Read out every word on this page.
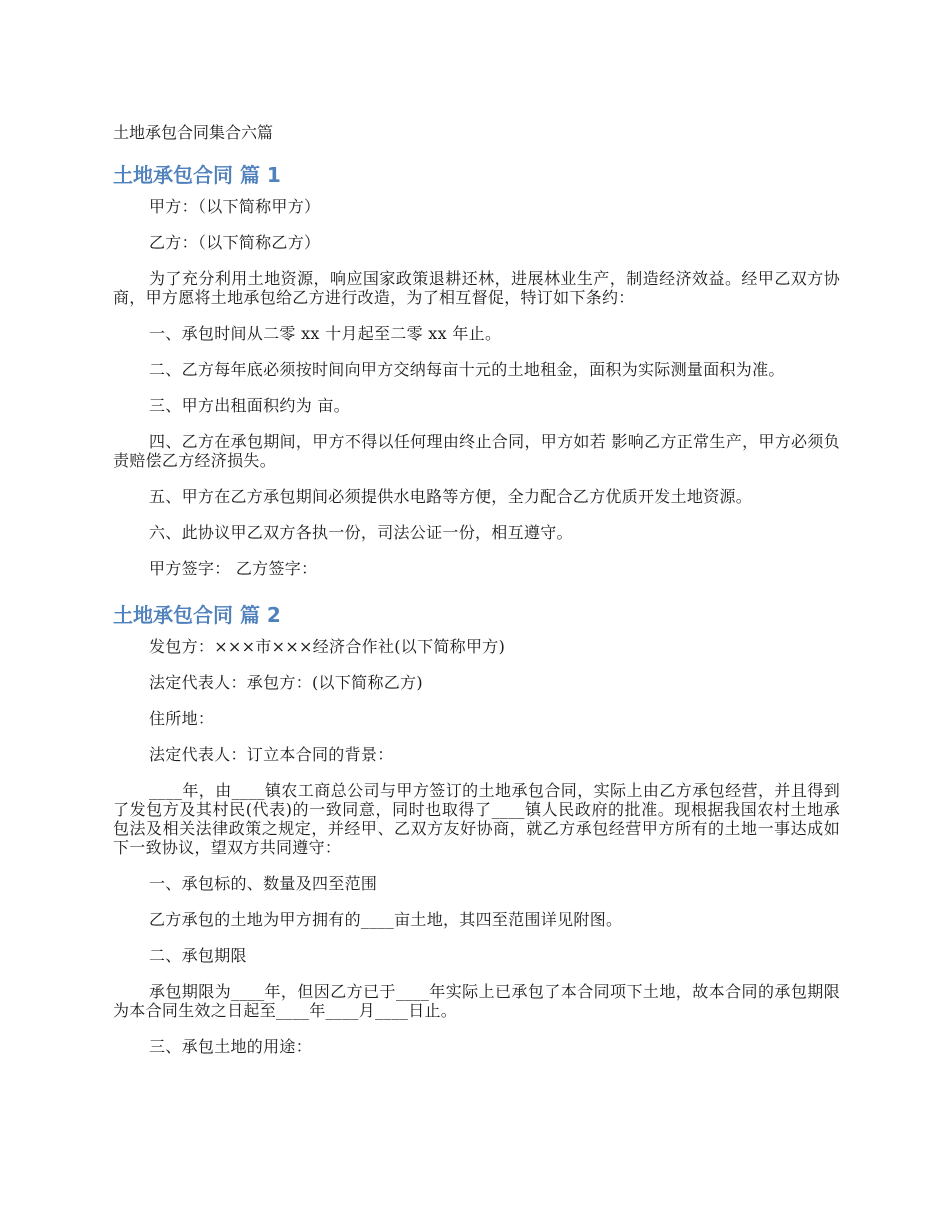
土地承包合同集合六篇
土地承包合同 篇 1
甲方：（以下简称甲方）
乙方：（以下简称乙方）
为了充分利用土地资源，响应国家政策退耕还林，进展林业生产，制造经济效益。经甲乙双方协商，甲方愿将土地承包给乙方进行改造，为了相互督促，特订如下条约：
一、承包时间从二零 xx 十月起至二零 xx 年止。
二、乙方每年底必须按时间向甲方交纳每亩十元的土地租金，面积为实际测量面积为准。
三、甲方出租面积约为 亩。
四、乙方在承包期间，甲方不得以任何理由终止合同，甲方如若 影响乙方正常生产，甲方必须负责赔偿乙方经济损失。
五、甲方在乙方承包期间必须提供水电路等方便，全力配合乙方优质开发土地资源。
六、此协议甲乙双方各执一份，司法公证一份，相互遵守。
甲方签字： 乙方签字：
土地承包合同 篇 2
发包方：×××市×××经济合作社(以下简称甲方)
法定代表人：承包方：(以下简称乙方)
住所地：
法定代表人：订立本合同的背景：
____年，由____镇农工商总公司与甲方签订的土地承包合同，实际上由乙方承包经营，并且得到了发包方及其村民(代表)的一致同意，同时也取得了____镇人民政府的批准。现根据我国农村土地承包法及相关法律政策之规定，并经甲、乙双方友好协商，就乙方承包经营甲方所有的土地一事达成如下一致协议，望双方共同遵守：
一、承包标的、数量及四至范围
乙方承包的土地为甲方拥有的____亩土地，其四至范围详见附图。
二、承包期限
承包期限为____年，但因乙方已于____年实际上已承包了本合同项下土地，故本合同的承包期限为本合同生效之日起至____年____月____日止。
三、承包土地的用途：
